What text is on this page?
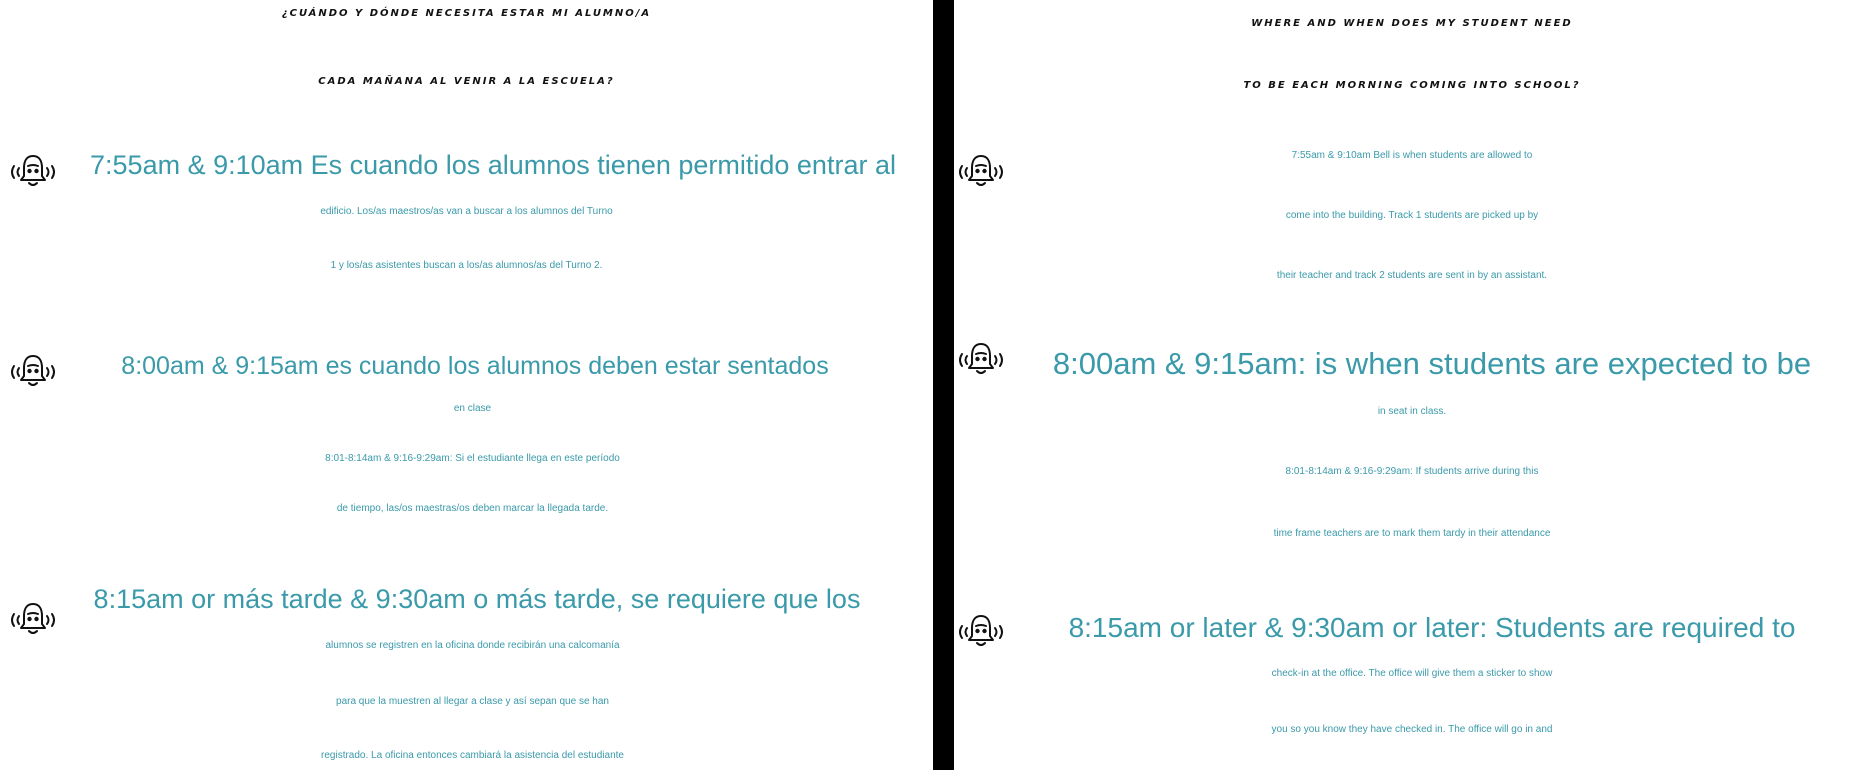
¿CUÁNDO Y DÓNDE NECESITA ESTAR MI ALUMNO/A
CADA MAÑANA AL VENIR A LA ESCUELA?
7:55am & 9:10am Es cuando los alumnos tienen permitido entrar al
edificio. Los/as maestros/as van a buscar a los alumnos del Turno
1 y los/as asistentes buscan a los/as alumnos/as del Turno 2.
8:00am & 9:15am es cuando los alumnos deben estar sentados
en clase
8:01-8:14am & 9:16-9:29am: Si el estudiante llega en este período
de tiempo, las/os maestras/os deben marcar la llegada tarde.
8:15am or más tarde & 9:30am o más tarde, se requiere que los
alumnos se registren en la oficina donde recibirán una calcomanía
para que la muestren al llegar a clase y así sepan que se han
registrado. La oficina entonces cambiará la asistencia del estudiante
WHERE AND WHEN DOES MY STUDENT NEED
TO BE EACH MORNING COMING INTO SCHOOL?
7:55am & 9:10am Bell is when students are allowed to
come into the building. Track 1 students are picked up by
their teacher and track 2 students are sent in by an assistant.
8:00am & 9:15am: is when students are expected to be
in seat in class.
8:01-8:14am & 9:16-9:29am: If students arrive during this
time frame teachers are to mark them tardy in their attendance
8:15am or later & 9:30am or later: Students are required to
check-in at the office. The office will give them a sticker to show
you so you know they have checked in. The office will go in and
